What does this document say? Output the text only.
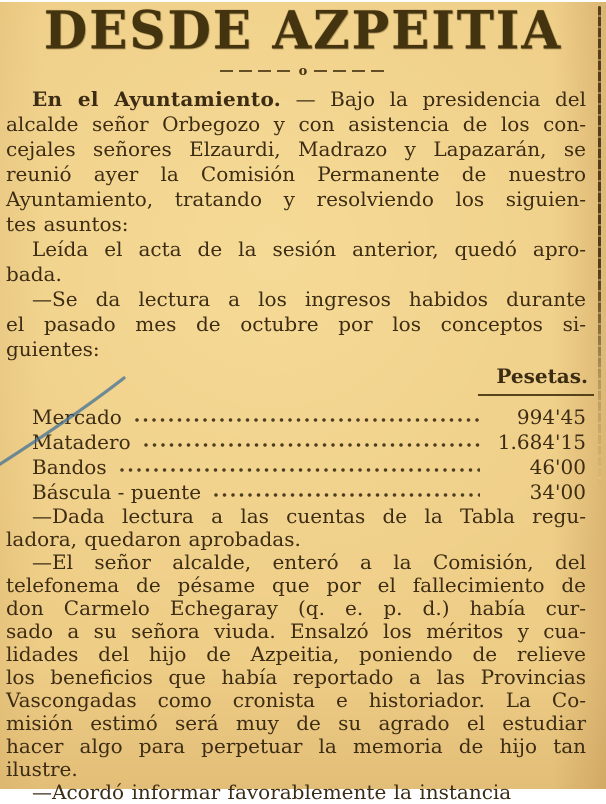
DESDE AZPEITIA
o
En el Ayuntamiento. — Bajo la presidencia del
alcalde señor Orbegozo y con asistencia de los con-
cejales señores Elzaurdi, Madrazo y Lapazarán, se
reunió ayer la Comisión Permanente de nuestro
Ayuntamiento, tratando y resolviendo los siguien-
tes asuntos:
Leída el acta de la sesión anterior, quedó apro-
bada.
—Se da lectura a los ingresos habidos durante
el pasado mes de octubre por los conceptos si-
guientes:
Pesetas.
Mercado	994'45
Matadero	1.684'15
Bandos	46'00
Báscula - puente	34'00
—Dada lectura a las cuentas de la Tabla regu-
ladora, quedaron aprobadas.
—El señor alcalde, enteró a la Comisión, del
telefonema de pésame que por el fallecimiento de
don Carmelo Echegaray (q. e. p. d.) había cur-
sado a su señora viuda. Ensalzó los méritos y cua-
lidades del hijo de Azpeitia, poniendo de relieve
los beneficios que había reportado a las Provincias
Vascongadas como cronista e historiador. La Co-
misión estimó será muy de su agrado el estudiar
hacer algo para perpetuar la memoria de hijo tan
ilustre.
—Acordó informar favorablemente la instancia
